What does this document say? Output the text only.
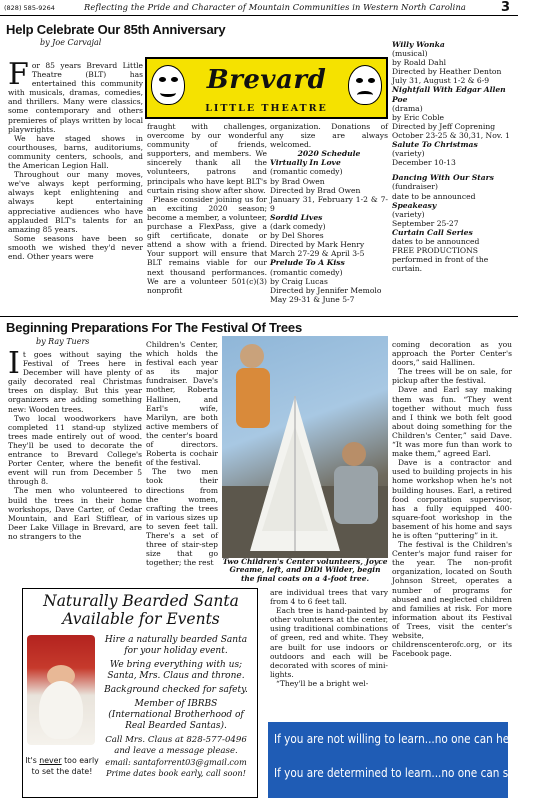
(828) 585-9264	Reflecting the Pride and Character of Mountain Communities in Western North Carolina	3
Help Celebrate Our 85th Anniversary
by Joe Carvajal
Brevard
LITTLE THEATRE

For 85 years Brevard Little Theatre (BLT) has entertained this community with musicals, dramas, comedies, and thrillers. Many were classics, some contemporary and others premieres of plays written by local playwrights.

We have staged shows in courthouses, barns, auditoriums, community centers, schools, and the American Legion Hall.

Throughout our many moves, we've always kept performing, always kept enlightening and always kept entertaining appreciative audiences who have applauded BLT's talents for an amazing 85 years.

Some seasons have been so smooth we wished they'd never end. Other years were

fraught with challenges, overcome by our wonderful community of friends, supporters, and members. We sincerely thank all the volunteers, patrons and principals who have kept BLT's curtain rising show after show.

Please consider joining us for an exciting 2020 season; become a member, a volunteer, purchase a FlexPass, give a gift certificate, donate or attend a show with a friend. Your support will ensure that BLT remains viable for our next thousand performances. We are a volunteer 501(c)(3) nonprofit

organization. Donations of any size are always welcomed.

2020 Schedule
Virtually In Love
(romantic comedy)
by Brad Owen
Directed by Brad Owen
January 31, February 1-2 & 7-9
Sordid Lives
(dark comedy)
by Del Shores
Directed by Mark Henry
March 27-29 & April 3-5
Prelude To A Kiss
(romantic comedy)
by Craig Lucas
Directed by Jennifer Memolo
May 29-31 & June 5-7
Willy Wonka
(musical)
by Roald Dahl
Directed by Heather Denton
July 31, August 1-2 & 6-9
Nightfall With Edgar Allen Poe
(drama)
by Eric Coble
Directed by Jeff Coprening
October 23-25 & 30,31, Nov. 1
Salute To Christmas
(variety)
December 10-13
Dancing With Our Stars
(fundraiser)
date to be announced
Speakeasy
(variety)
September 25-27
Curtain Call Series
dates to be announced
FREE PRODUCTIONS
performed in front of the curtain.
Beginning Preparations For The Festival Of Trees
by Ray Tuers

It goes without saying the Festival of Trees here in December will have plenty of gaily decorated real Christmas trees on display. But this year organizers are adding something new: Wooden trees.

Two local woodworkers have completed 11 stand-up stylized trees made entirely out of wood. They'll be used to decorate the entrance to Brevard College's Porter Center, where the benefit event will run from December 5 through 8.

The men who volunteered to build the trees in their home workshops, Dave Carter, of Cedar Mountain, and Earl Stifflear, of Deer Lake Village in Brevard, are no strangers to the

Children's Center, which holds the festival each year as its major fundraiser. Dave's mother, Roberta Hallinen, and Earl's wife, Marilyn, are both active members of the center's board of directors. Roberta is cochair of the festival.

The two men took their directions from the women, crafting the trees in various sizes up to seven feet tall. There's a set of three of stair-step size that go together; the rest	Two Children's Center volunteers, Joyce Greame, left, and DiDi Wilder, begin the final coats on a 4-foot tree.

are individual trees that vary from 4 to 6 feet tall.

Each tree is hand-painted by other volunteers at the center, using traditional combinations of green, red and white. They are built for use indoors or outdoors and each will be decorated with scores of mini-lights.

“They'll be a bright wel-

coming decoration as you approach the Porter Center's doors,” said Hallinen.

The trees will be on sale, for pickup after the festival.

Dave and Earl say making them was fun. “They went together without much fuss and I think we both felt good about doing something for the Children's Center,” said Dave. “It was more fun than work to make them,” agreed Earl.

Dave is a contractor and used to building projects in his home workshop when he's not building houses. Earl, a retired food corporation supervisor, has a fully equipped 400-square-foot workshop in the basement of his home and says he is often “puttering” in it.

The festival is the Children's Center's major fund raiser for the year. The non-profit organization, located on South Johnson Street, operates a number of programs for abused and neglected children and families at risk. For more information about its Festival of Trees, visit the center's website, childrenscenterofc.org, or its Facebook page.

Naturally Bearded Santa
Available for Events
Hire a naturally bearded Santa
for your holiday event.
We bring everything with us;
Santa, Mrs. Claus and throne.
Background checked for safety.
Member of IBRBS
(International Brotherhood of
Real Bearded Santas).
Call Mrs. Claus at 828-577-0496
and leave a message please.
email: santaforrent03@gmail.com
Prime dates book early, call soon!
It's never too early
to set the date!
If you are not willing to learn...no one can help you.
If you are determined to learn...no one can stop you!
